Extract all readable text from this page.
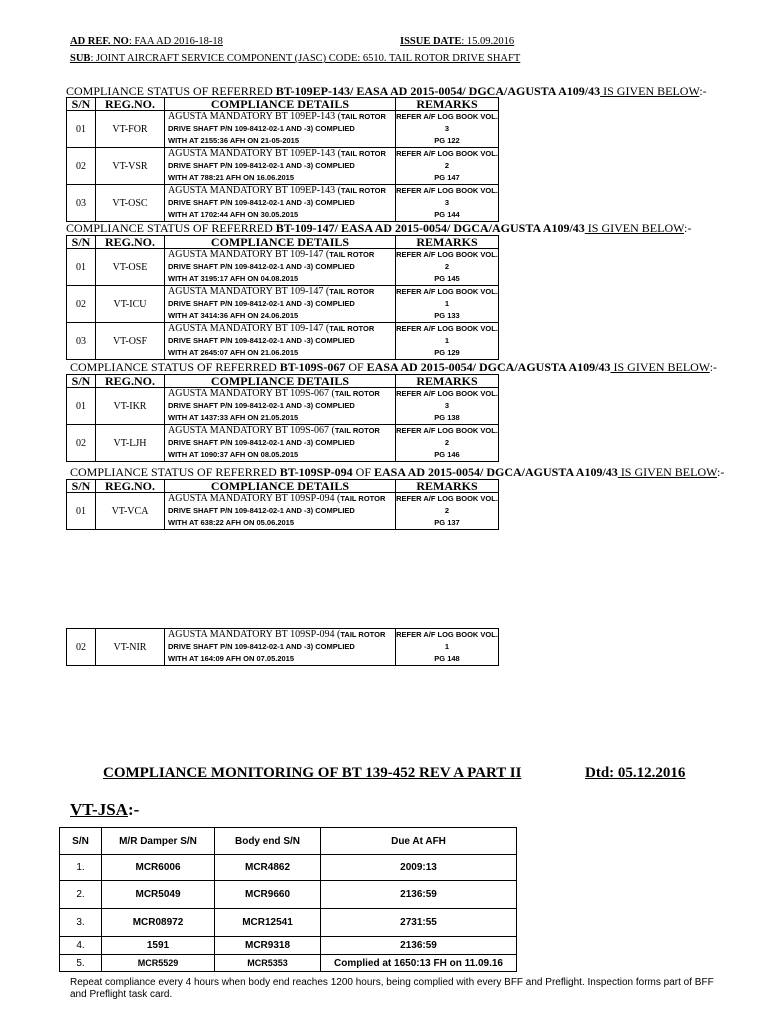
AD REF. NO: FAA AD 2016-18-18	ISSUE DATE: 15.09.2016
SUB: JOINT AIRCRAFT SERVICE COMPONENT (JASC) CODE: 6510. TAIL ROTOR DRIVE SHAFT
COMPLIANCE STATUS OF REFERRED BT-109EP-143/ EASA AD 2015-0054/ DGCA/AGUSTA A109/43 IS GIVEN BELOW:-
S/N	REG.NO.	COMPLIANCE DETAILS	REMARKS
01	VT-FOR	AGUSTA MANDATORY BT 109EP-143 (TAIL ROTOR
DRIVE SHAFT P/N 109-8412-02-1 AND -3) COMPLIED
WITH AT 2155:36 AFH ON 21-05-2015	REFER A/F LOG BOOK VOL. 3
PG 122
02	VT-VSR	AGUSTA MANDATORY BT 109EP-143 (TAIL ROTOR
DRIVE SHAFT P/N 109-8412-02-1 AND -3) COMPLIED
WITH AT 788:21 AFH ON 16.06.2015	REFER A/F LOG BOOK VOL. 2
PG 147
03	VT-OSC	AGUSTA MANDATORY BT 109EP-143 (TAIL ROTOR
DRIVE SHAFT P/N 109-8412-02-1 AND -3) COMPLIED
WITH AT 1702:44 AFH ON 30.05.2015	REFER A/F LOG BOOK VOL. 3
PG 144
COMPLIANCE STATUS OF REFERRED BT-109-147/ EASA AD 2015-0054/ DGCA/AGUSTA A109/43 IS GIVEN BELOW:-
S/N	REG.NO.	COMPLIANCE DETAILS	REMARKS
01	VT-OSE	AGUSTA MANDATORY BT 109-147 (TAIL ROTOR
DRIVE SHAFT P/N 109-8412-02-1 AND -3) COMPLIED
WITH AT 3195:17 AFH ON 04.08.2015	REFER A/F LOG BOOK VOL. 2
PG 145
02	VT-ICU	AGUSTA MANDATORY BT 109-147 (TAIL ROTOR
DRIVE SHAFT P/N 109-8412-02-1 AND -3) COMPLIED
WITH AT 3414:36 AFH ON 24.06.2015	REFER A/F LOG BOOK VOL. 1
PG 133
03	VT-OSF	AGUSTA MANDATORY BT 109-147 (TAIL ROTOR
DRIVE SHAFT P/N 109-8412-02-1 AND -3) COMPLIED
WITH AT 2645:07 AFH ON 21.06.2015	REFER A/F LOG BOOK VOL. 1
PG 129
COMPLIANCE STATUS OF REFERRED BT-109S-067 OF EASA AD 2015-0054/ DGCA/AGUSTA A109/43 IS GIVEN BELOW:-
S/N	REG.NO.	COMPLIANCE DETAILS	REMARKS
01	VT-IKR	AGUSTA MANDATORY BT 109S-067 (TAIL ROTOR
DRIVE SHAFT P/N 109-8412-02-1 AND -3) COMPLIED
WITH AT 1437:33 AFH ON 21.05.2015	REFER A/F LOG BOOK VOL. 3
PG 138
02	VT-LJH	AGUSTA MANDATORY BT 109S-067 (TAIL ROTOR
DRIVE SHAFT P/N 109-8412-02-1 AND -3) COMPLIED
WITH AT 1090:37 AFH ON 08.05.2015	REFER A/F LOG BOOK VOL. 2
PG 146
COMPLIANCE STATUS OF REFERRED BT-109SP-094 OF EASA AD 2015-0054/ DGCA/AGUSTA A109/43 IS GIVEN BELOW:-
S/N	REG.NO.	COMPLIANCE DETAILS	REMARKS
01	VT-VCA	AGUSTA MANDATORY BT 109SP-094 (TAIL ROTOR
DRIVE SHAFT P/N 109-8412-02-1 AND -3) COMPLIED
WITH AT 638:22 AFH ON 05.06.2015	REFER A/F LOG BOOK VOL. 2
PG 137
02	VT-NIR	AGUSTA MANDATORY BT 109SP-094 (TAIL ROTOR
DRIVE SHAFT P/N 109-8412-02-1 AND -3) COMPLIED
WITH AT 164:09 AFH ON 07.05.2015	REFER A/F LOG BOOK VOL. 1
PG 148
COMPLIANCE MONITORING OF BT 139-452 REV A PART II	Dtd: 05.12.2016
VT-JSA:-
S/N	M/R Damper S/N	Body end S/N	Due At AFH
1.	MCR6006	MCR4862	2009:13
2.	MCR5049	MCR9660	2136:59
3.	MCR08972	MCR12541	2731:55
4.	1591	MCR9318	2136:59
5.	MCR5529	MCR5353	Complied at 1650:13 FH on 11.09.16
Repeat compliance every 4 hours when body end reaches 1200 hours, being complied with every BFF and Preflight. Inspection forms part of BFF and Preflight task card.
